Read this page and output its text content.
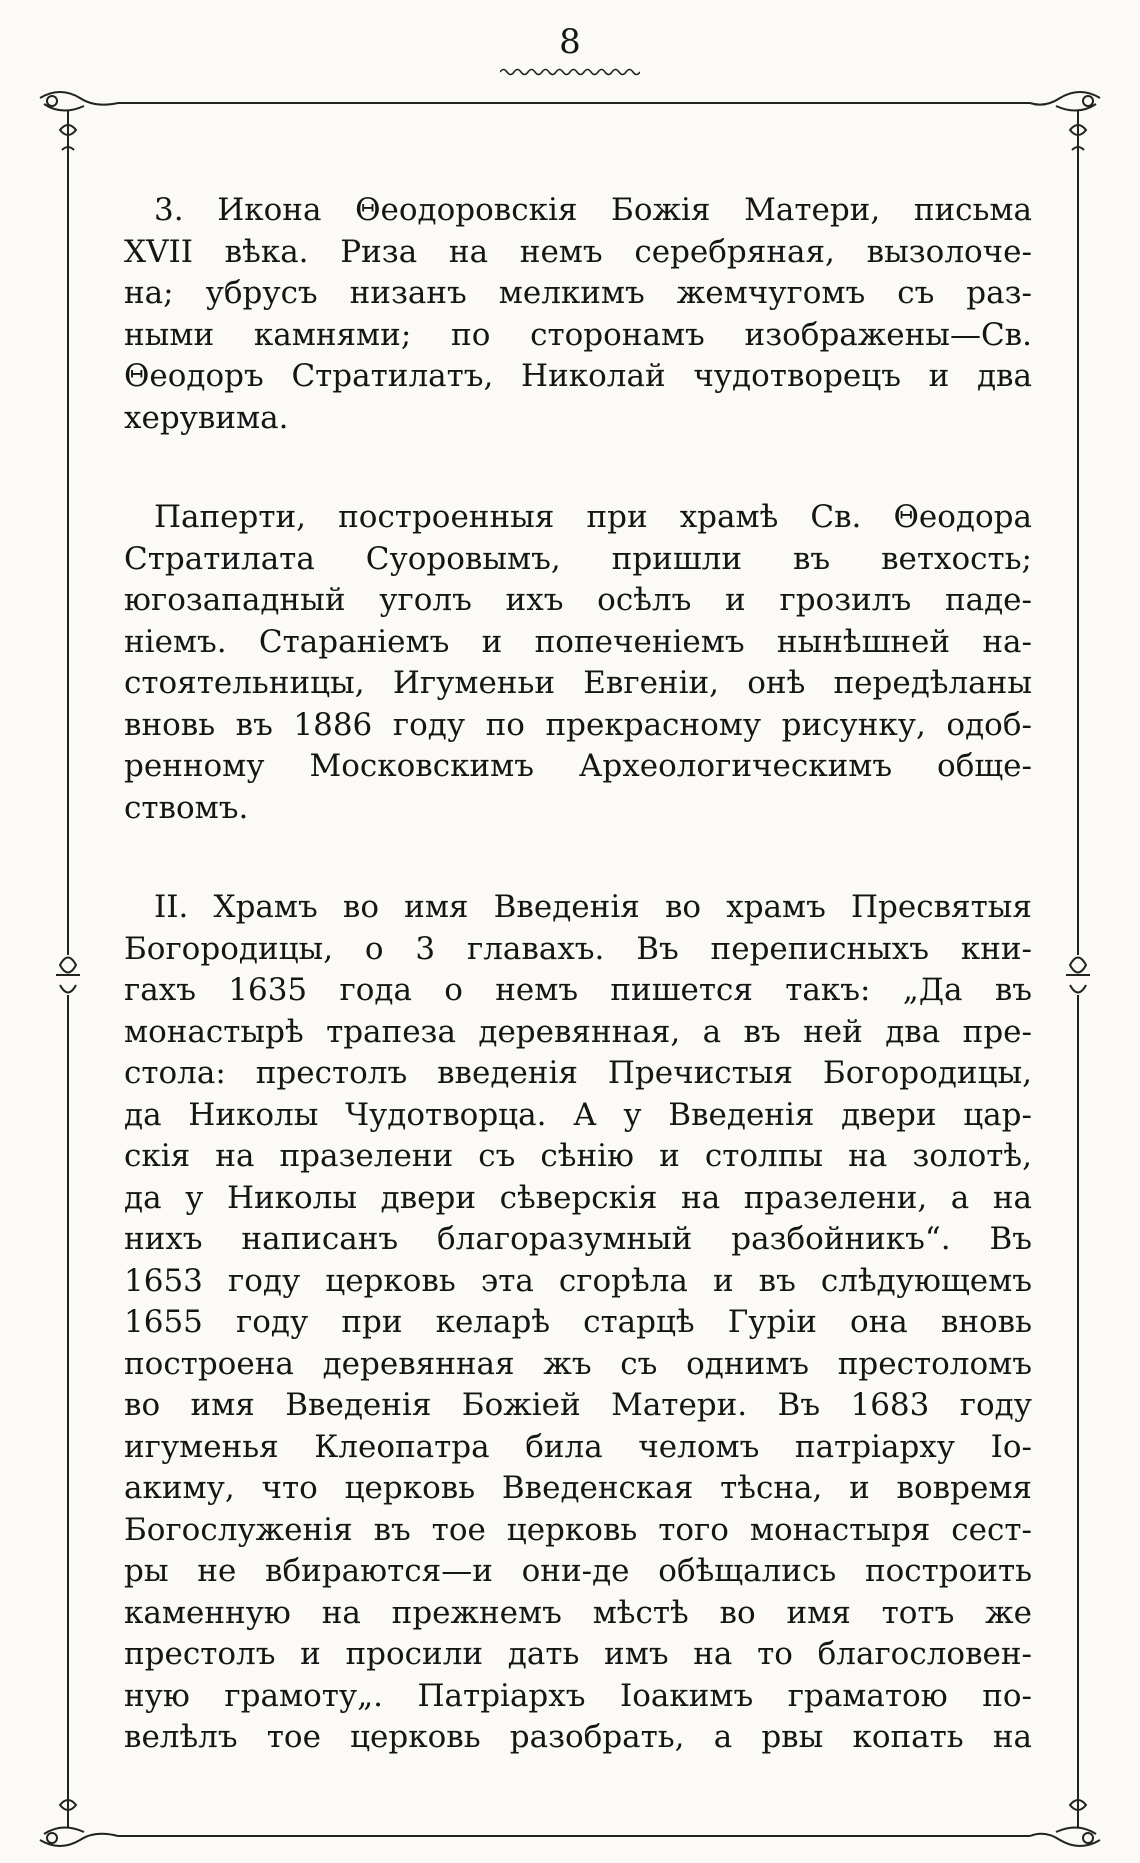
8
3. Икона Θеодоровскія Божія Матери, письма
XVII вѣка. Риза на немъ серебряная, вызолоче-
на; убрусъ низанъ мелкимъ жемчугомъ съ раз-
ными камнями; по сторонамъ изображены—Св.
Θеодоръ Стратилатъ, Николай чудотворецъ и два
херувима.
Паперти, построенныя при храмѣ Св. Θеодора
Стратилата Суоровымъ, пришли въ ветхость;
югозападный уголъ ихъ осѣлъ и грозилъ паде-
ніемъ. Стараніемъ и попеченіемъ нынѣшней на-
стоятельницы, Игуменьи Евгеніи, онѣ передѣланы
вновь въ 1886 году по прекрасному рисунку, одоб-
ренному Московскимъ Археологическимъ обще-
ствомъ.
II. Храмъ во имя Введенія во храмъ Пресвятыя
Богородицы, о 3 главахъ. Въ переписныхъ кни-
гахъ 1635 года о немъ пишется такъ: „Да въ
монастырѣ трапеза деревянная, а въ ней два пре-
стола: престолъ введенія Пречистыя Богородицы,
да Николы Чудотворца. А у Введенія двери цар-
скія на празелени съ сѣнію и столпы на золотѣ,
да у Николы двери сѣверскія на празелени, а на
нихъ написанъ благоразумный разбойникъ“. Въ
1653 году церковь эта сгорѣла и въ слѣдующемъ
1655 году при келарѣ старцѣ Гуріи она вновь
построена деревянная жъ съ однимъ престоломъ
во имя Введенія Божіей Матери. Въ 1683 году
игуменья Клеопатра била челомъ патріарху Іо-
акиму, что церковь Введенская тѣсна, и вовремя
Богослуженія въ тое церковь того монастыря сест-
ры не вбираются—и они-де обѣщались построить
каменную на прежнемъ мѣстѣ во имя тотъ же
престолъ и просили дать имъ на то благословен-
ную грамоту„. Патріархъ Іоакимъ граматою по-
велѣлъ тое церковь разобрать, а рвы копать на
